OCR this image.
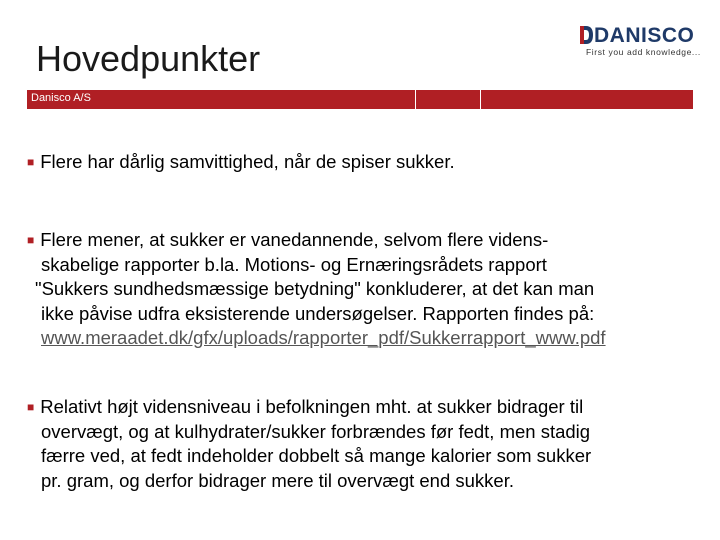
Hovedpunkter
DANISCO
First you add knowledge...
Danisco A/S
■ Flere har dårlig samvittighed, når de spiser sukker.
■ Flere mener, at sukker er vanedannende, selvom flere videns-
skabelige rapporter b.la. Motions- og Ernæringsrådets rapport
"Sukkers sundhedsmæssige betydning" konkluderer, at det kan man
ikke påvise udfra eksisterende undersøgelser. Rapporten findes på:
www.meraadet.dk/gfx/uploads/rapporter_pdf/Sukkerrapport_www.pdf
■ Relativt højt vidensniveau i befolkningen mht. at sukker bidrager til
overvægt, og at kulhydrater/sukker forbrændes før fedt, men stadig
færre ved, at fedt indeholder dobbelt så mange kalorier som sukker
pr. gram, og derfor bidrager mere til overvægt end sukker.
